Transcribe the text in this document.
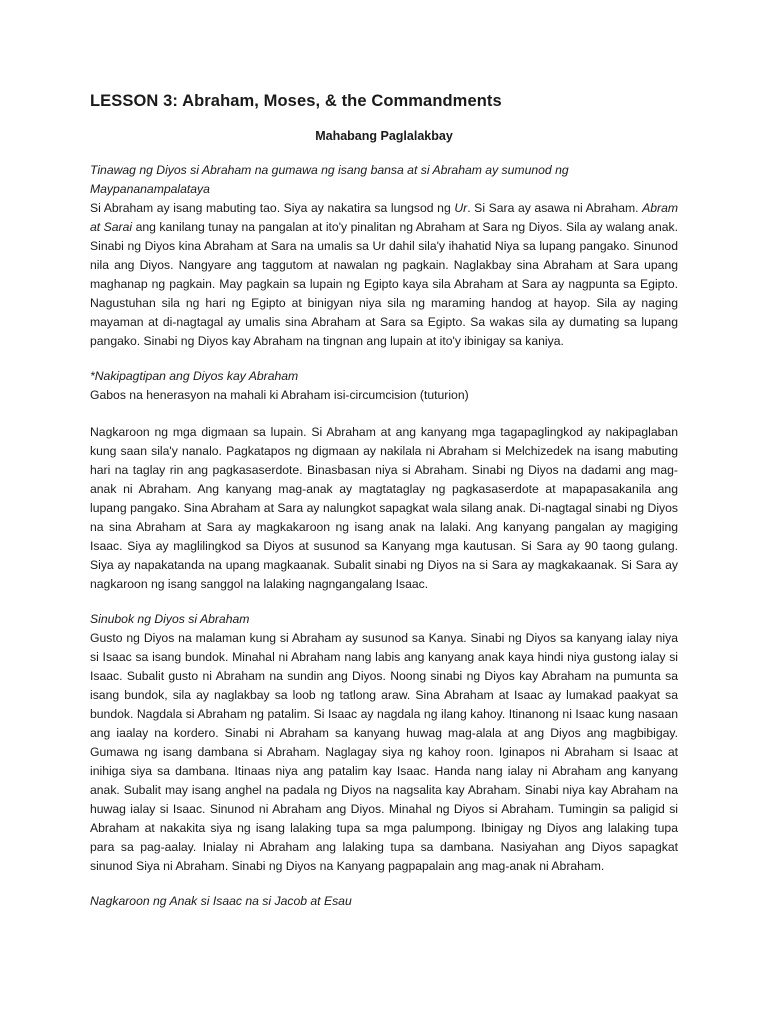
LESSON 3: Abraham, Moses, & the Commandments
Mahabang Paglalakbay

Tinawag ng Diyos si Abraham na gumawa ng isang bansa at si Abraham ay sumunod ng Maypananampalataya

Si Abraham ay isang mabuting tao. Siya ay nakatira sa lungsod ng Ur. Si Sara ay asawa ni Abraham. Abram at Sarai ang kanilang tunay na pangalan at ito'y pinalitan ng Abraham at Sara ng Diyos. Sila ay walang anak. Sinabi ng Diyos kina Abraham at Sara na umalis sa Ur dahil sila'y ihahatid Niya sa lupang pangako. Sinunod nila ang Diyos. Nangyare ang taggutom at nawalan ng pagkain. Naglakbay sina Abraham at Sara upang maghanap ng pagkain. May pagkain sa lupain ng Egipto kaya sila Abraham at Sara ay nagpunta sa Egipto. Nagustuhan sila ng hari ng Egipto at binigyan niya sila ng maraming handog at hayop. Sila ay naging mayaman at di-nagtagal ay umalis sina Abraham at Sara sa Egipto. Sa wakas sila ay dumating sa lupang pangako. Sinabi ng Diyos kay Abraham na tingnan ang lupain at ito'y ibinigay sa kaniya.

*Nakipagtipan ang Diyos kay Abraham

Gabos na henerasyon na mahali ki Abraham isi-circumcision (tuturion)

Nagkaroon ng mga digmaan sa lupain. Si Abraham at ang kanyang mga tagapaglingkod ay nakipaglaban kung saan sila'y nanalo. Pagkatapos ng digmaan ay nakilala ni Abraham si Melchizedek na isang mabuting hari na taglay rin ang pagkasaserdote. Binasbasan niya si Abraham. Sinabi ng Diyos na dadami ang mag-anak ni Abraham. Ang kanyang mag-anak ay magtataglay ng pagkasaserdote at mapapasakanila ang lupang pangako. Sina Abraham at Sara ay nalungkot sapagkat wala silang anak. Di-nagtagal sinabi ng Diyos na sina Abraham at Sara ay magkakaroon ng isang anak na lalaki. Ang kanyang pangalan ay magiging Isaac. Siya ay maglilingkod sa Diyos at susunod sa Kanyang mga kautusan. Si Sara ay 90 taong gulang. Siya ay napakatanda na upang magkaanak. Subalit sinabi ng Diyos na si Sara ay magkakaanak. Si Sara ay nagkaroon ng isang sanggol na lalaking nagngangalang Isaac.

Sinubok ng Diyos si Abraham

Gusto ng Diyos na malaman kung si Abraham ay susunod sa Kanya. Sinabi ng Diyos sa kanyang ialay niya si Isaac sa isang bundok. Minahal ni Abraham nang labis ang kanyang anak kaya hindi niya gustong ialay si Isaac. Subalit gusto ni Abraham na sundin ang Diyos. Noong sinabi ng Diyos kay Abraham na pumunta sa isang bundok, sila ay naglakbay sa loob ng tatlong araw. Sina Abraham at Isaac ay lumakad paakyat sa bundok. Nagdala si Abraham ng patalim. Si Isaac ay nagdala ng ilang kahoy. Itinanong ni Isaac kung nasaan ang iaalay na kordero. Sinabi ni Abraham sa kanyang huwag mag-alala at ang Diyos ang magbibigay. Gumawa ng isang dambana si Abraham. Naglagay siya ng kahoy roon. Iginapos ni Abraham si Isaac at inihiga siya sa dambana. Itinaas niya ang patalim kay Isaac. Handa nang ialay ni Abraham ang kanyang anak. Subalit may isang anghel na padala ng Diyos na nagsalita kay Abraham. Sinabi niya kay Abraham na huwag ialay si Isaac. Sinunod ni Abraham ang Diyos. Minahal ng Diyos si Abraham. Tumingin sa paligid si Abraham at nakakita siya ng isang lalaking tupa sa mga palumpong. Ibinigay ng Diyos ang lalaking tupa para sa pag-aalay. Inialay ni Abraham ang lalaking tupa sa dambana. Nasiyahan ang Diyos sapagkat sinunod Siya ni Abraham. Sinabi ng Diyos na Kanyang pagpapalain ang mag-anak ni Abraham.

Nagkaroon ng Anak si Isaac na si Jacob at Esau
